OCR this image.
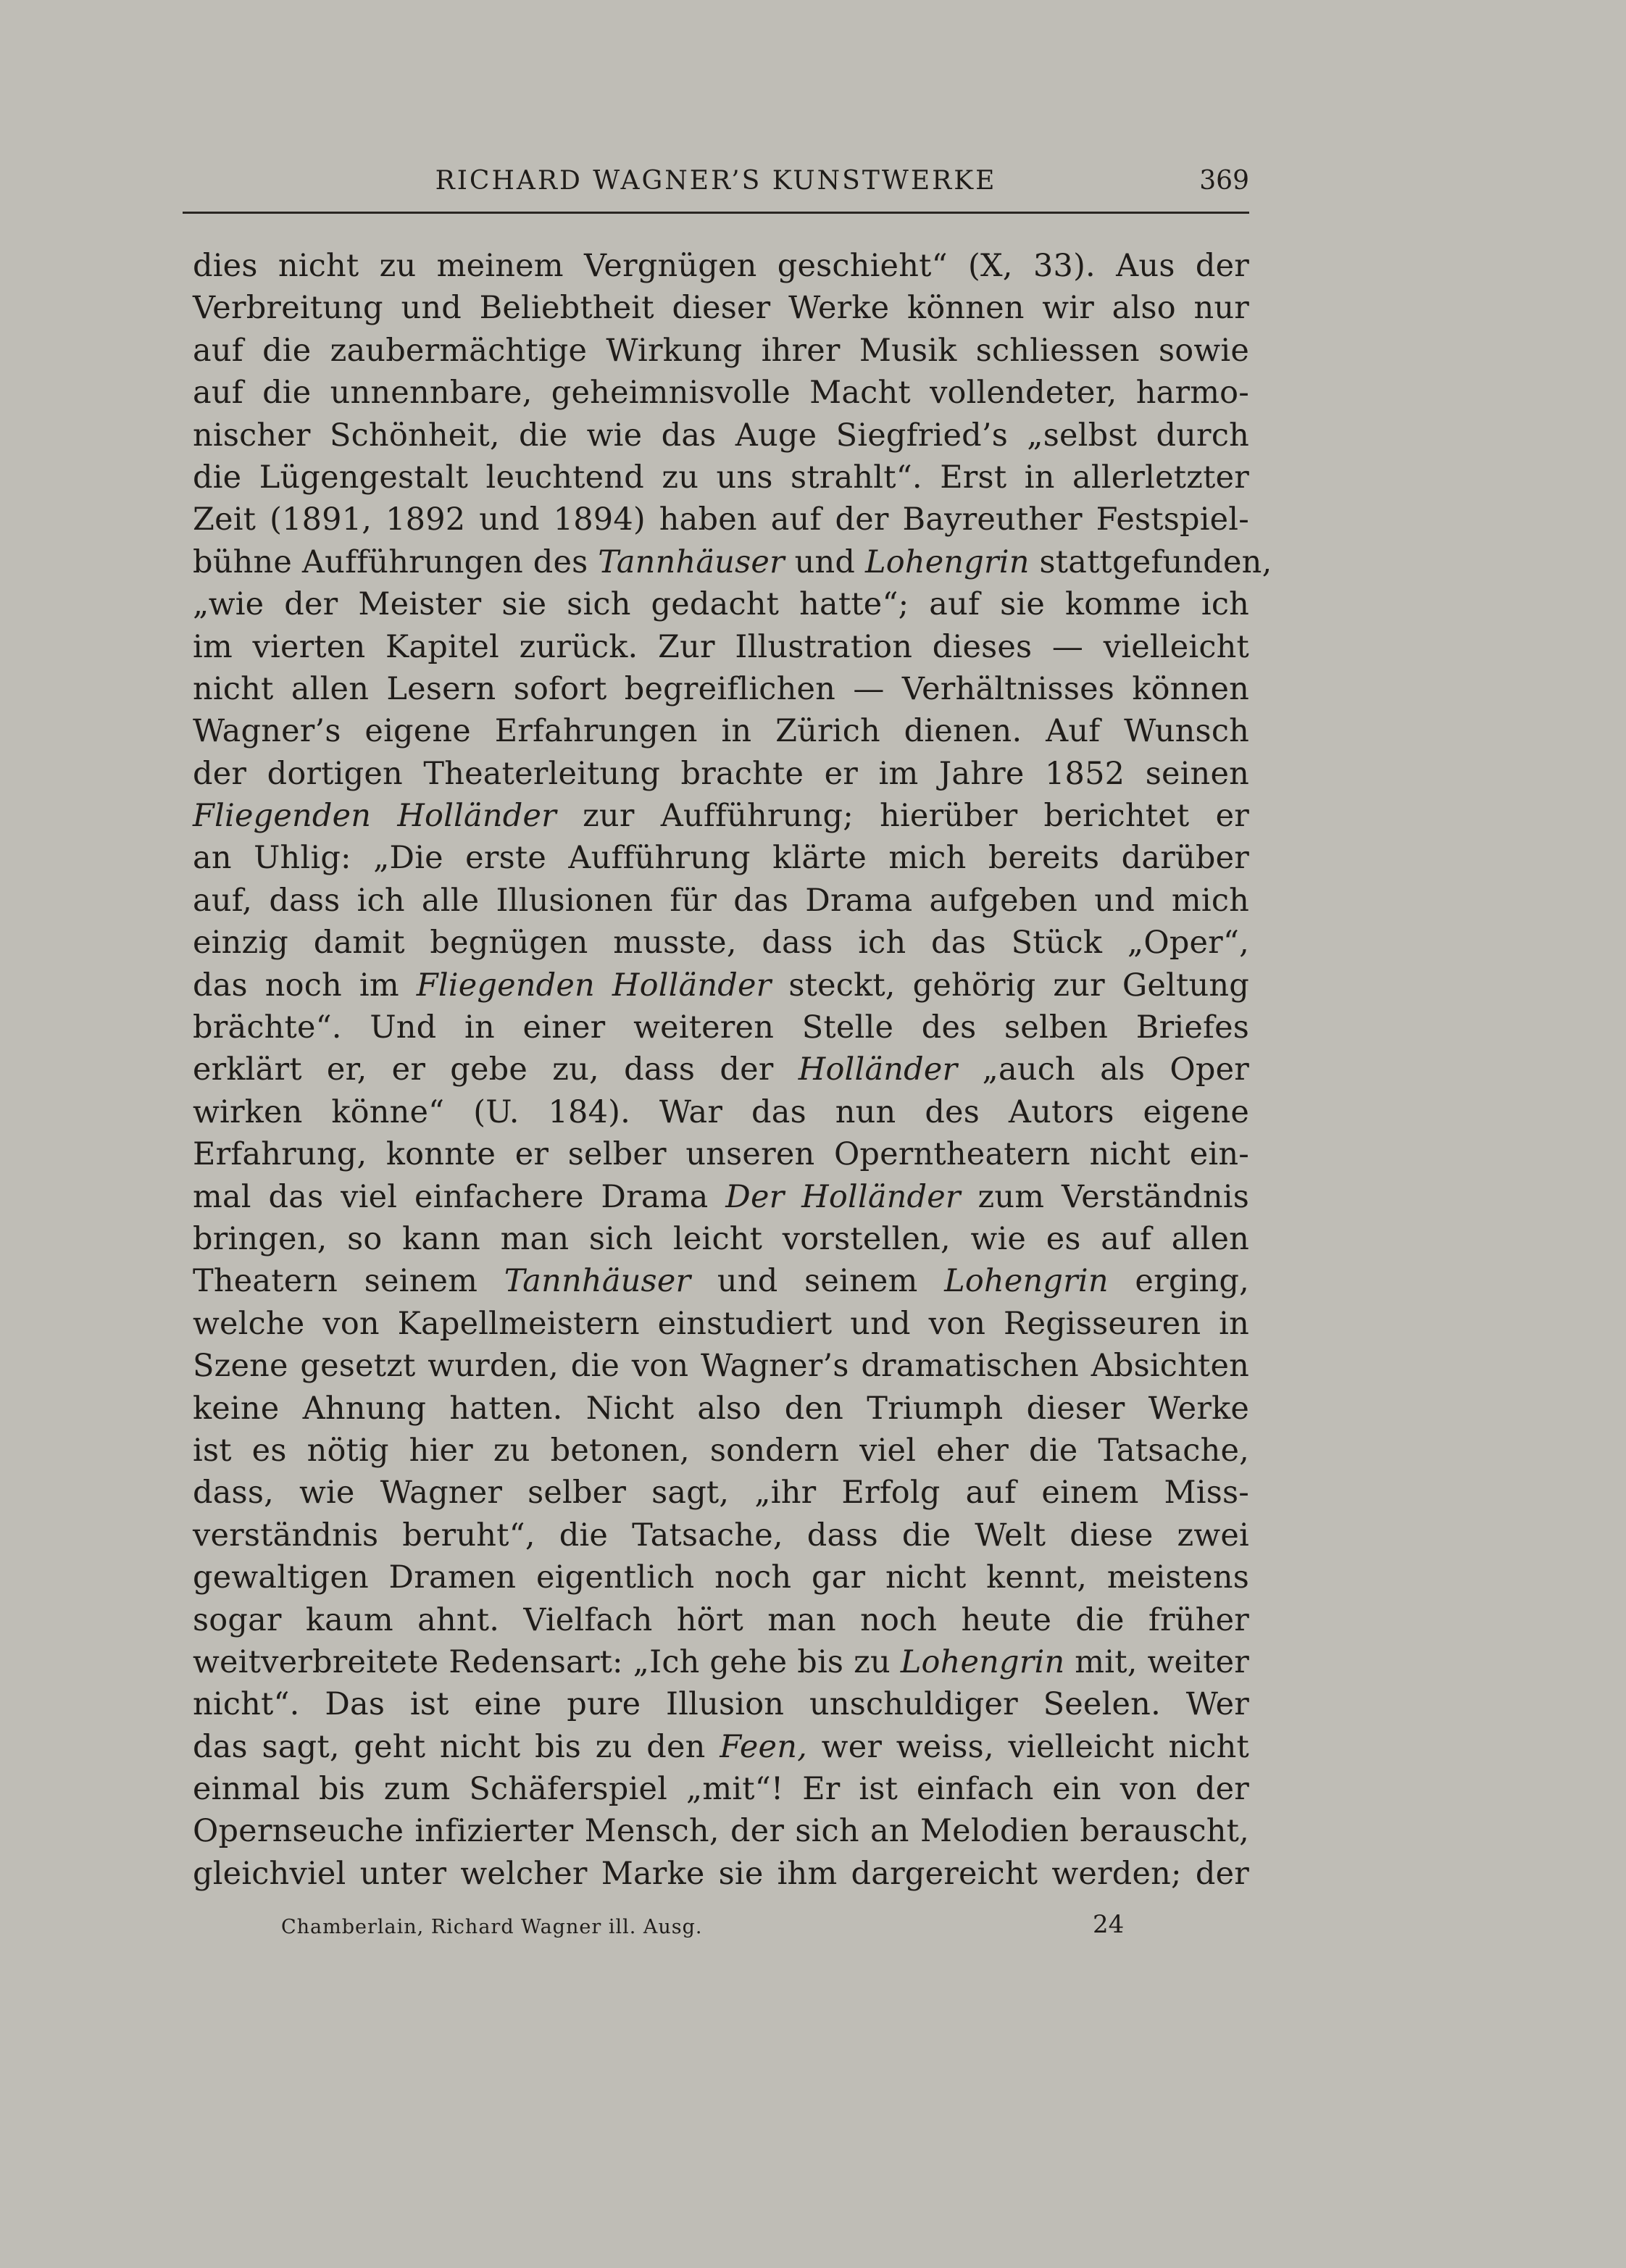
RICHARD WAGNER’S KUNSTWERKE	369
dies nicht zu meinem Vergnügen geschieht“ (X, 33). Aus der
Verbreitung und Beliebtheit dieser Werke können wir also nur
auf die zaubermächtige Wirkung ihrer Musik schliessen sowie
auf die unnennbare, geheimnisvolle Macht vollendeter, harmo-
nischer Schönheit, die wie das Auge Siegfried’s „selbst durch
die Lügengestalt leuchtend zu uns strahlt“. Erst in allerletzter
Zeit (1891, 1892 und 1894) haben auf der Bayreuther Festspiel-
bühne Aufführungen des Tannhäuser und Lohengrin stattgefunden,
„wie der Meister sie sich gedacht hatte“; auf sie komme ich
im vierten Kapitel zurück. Zur Illustration dieses — vielleicht
nicht allen Lesern sofort begreiflichen — Verhältnisses können
Wagner’s eigene Erfahrungen in Zürich dienen. Auf Wunsch
der dortigen Theaterleitung brachte er im Jahre 1852 seinen
Fliegenden Holländer zur Aufführung; hierüber berichtet er
an Uhlig: „Die erste Aufführung klärte mich bereits darüber
auf, dass ich alle Illusionen für das Drama aufgeben und mich
einzig damit begnügen musste, dass ich das Stück „Oper“,
das noch im Fliegenden Holländer steckt, gehörig zur Geltung
brächte“. Und in einer weiteren Stelle des selben Briefes
erklärt er, er gebe zu, dass der Holländer „auch als Oper
wirken könne“ (U. 184). War das nun des Autors eigene
Erfahrung, konnte er selber unseren Operntheatern nicht ein-
mal das viel einfachere Drama Der Holländer zum Verständnis
bringen, so kann man sich leicht vorstellen, wie es auf allen
Theatern seinem Tannhäuser und seinem Lohengrin erging,
welche von Kapellmeistern einstudiert und von Regisseuren in
Szene gesetzt wurden, die von Wagner’s dramatischen Absichten
keine Ahnung hatten. Nicht also den Triumph dieser Werke
ist es nötig hier zu betonen, sondern viel eher die Tatsache,
dass, wie Wagner selber sagt, „ihr Erfolg auf einem Miss-
verständnis beruht“, die Tatsache, dass die Welt diese zwei
gewaltigen Dramen eigentlich noch gar nicht kennt, meistens
sogar kaum ahnt. Vielfach hört man noch heute die früher
weitverbreitete Redensart: „Ich gehe bis zu Lohengrin mit, weiter
nicht“. Das ist eine pure Illusion unschuldiger Seelen. Wer
das sagt, geht nicht bis zu den Feen, wer weiss, vielleicht nicht
einmal bis zum Schäferspiel „mit“! Er ist einfach ein von der
Opernseuche infizierter Mensch, der sich an Melodien berauscht,
gleichviel unter welcher Marke sie ihm dargereicht werden; der
Chamberlain, Richard Wagner ill. Ausg.	24
